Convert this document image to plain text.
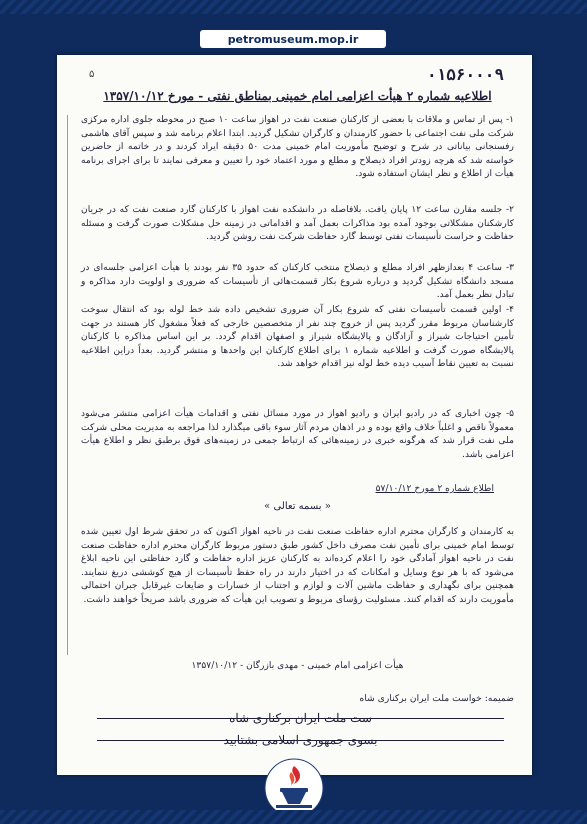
petromuseum.mop.ir
۵	۰۱۵۶۰۰۰۹
اطلاعیه شماره ۲ هیأت اعزامی امام خمینی بمناطق نفتی - مورخ ۱۳۵۷/۱۰/۱۲
۱- پس از تماس و ملاقات با بعضی از کارکنان صنعت نفت در اهواز ساعت ۱۰ صبح در محوطه جلوی اداره مرکزی شرکت ملی نفت اجتماعی با حضور کارمندان و کارگران تشکیل گردید. ابتدا اعلام برنامه شد و سپس آقای هاشمی رفسنجانی بیاناتی در شرح و توضیح مأموریت امام خمینی مدت ۵۰ دقیقه ایراد کردند و در خاتمه از حاضرین خواسته شد که هرچه زودتر افراد ذیصلاح و مطلع و مورد اعتماد خود را تعیین و معرفی نمایند تا برای اجرای برنامه هیأت از اطلاع و نظر ایشان استفاده شود.
۲- جلسه مقارن ساعت ۱۲ پایان یافت. بلافاصله در دانشکده نفت اهواز با کارکنان گارد صنعت نفت که در جریان کارشکنان مشکلاتی بوجود آمده بود مذاکرات بعمل آمد و اقداماتی در زمینه حل مشکلات صورت گرفت و مسئله حفاظت و حراست تأسیسات نفتی توسط گارد حفاظت شرکت نفت روشن گردید.
۳- ساعت ۴ بعدازظهر افراد مطلع و ذیصلاح منتخب کارکنان که حدود ۳۵ نفر بودند با هیأت اعزامی جلسه‌ای در مسجد دانشگاه تشکیل گردید و درباره شروع بکار قسمت‌هائی از تأسیسات که ضروری و اولویت دارد مذاکره و تبادل نظر بعمل آمد.
۴- اولین قسمت تأسیسات نفتی که شروع بکار آن ضروری تشخیص داده شد خط لوله بود که انتقال سوخت کارشناسان مربوط مقرر گردید پس از خروج چند نفر از متخصصین خارجی که فعلاً مشغول کار هستند در جهت تأمین احتیاجات شیراز و آزادگان و پالایشگاه شیراز و اصفهان اقدام گردد. بر این اساس مذاکره با کارکنان پالایشگاه صورت گرفت و اطلاعیه شماره ۱ برای اطلاع کارکنان این واحدها و منتشر گردید. بعداً دراین اطلاعیه نسبت به تعیین نقاط آسیب دیده خط لوله نیز اقدام خواهد شد.
۵- چون اخباری که در رادیو ایران و رادیو اهواز در مورد مسائل نفتی و اقدامات هیأت اعزامی منتشر می‌شود معمولاً ناقص و اغلباً خلاف واقع بوده و در اذهان مردم آثار سوء باقی میگذارد لذا مراجعه به مدیریت محلی شرکت ملی نفت قرار شد که هرگونه خبری در زمینه‌هائی که ارتباط جمعی در زمینه‌های فوق برطبق نظر و اطلاع هیأت اعزامی باشد.
اطلاع شماره ۲ مورخ ۵۷/۱۰/۱۲
« بسمه تعالی »
به کارمندان و کارگران محترم اداره حفاظت صنعت نفت در ناحیه اهواز اکنون که در تحقق شرط اول تعیین شده توسط امام خمینی برای تأمین نفت مصرف داخل کشور طبق دستور مربوط کارگران محترم اداره حفاظت صنعت نفت در ناحیه اهواز آمادگی خود را اعلام کرده‌اند به کارکنان عزیز اداره حفاظت و گارد حفاظتی این ناحیه ابلاغ می‌شود که با هر نوع وسایل و امکانات که در اختیار دارند در راه حفظ تأسیسات از هیچ کوششی دریغ ننمایند. همچنین برای نگهداری و حفاظت ماشین آلات و لوازم و اجتناب از خسارات و ضایعات غیرقابل جبران احتمالی مأموریت دارند که اقدام کنند. مسئولیت رؤسای مربوط و تصویب این هیأت که ضروری باشد صریحاً خواهند داشت.
هیأت اعزامی امام خمینی - مهدی بازرگان - ۱۳۵۷/۱۰/۱۲
ضمیمه: خواست ملت ایران برکناری شاه
ست ملت ایران برکناری شاه
بسوی جمهوری اسلامی بشتابید
